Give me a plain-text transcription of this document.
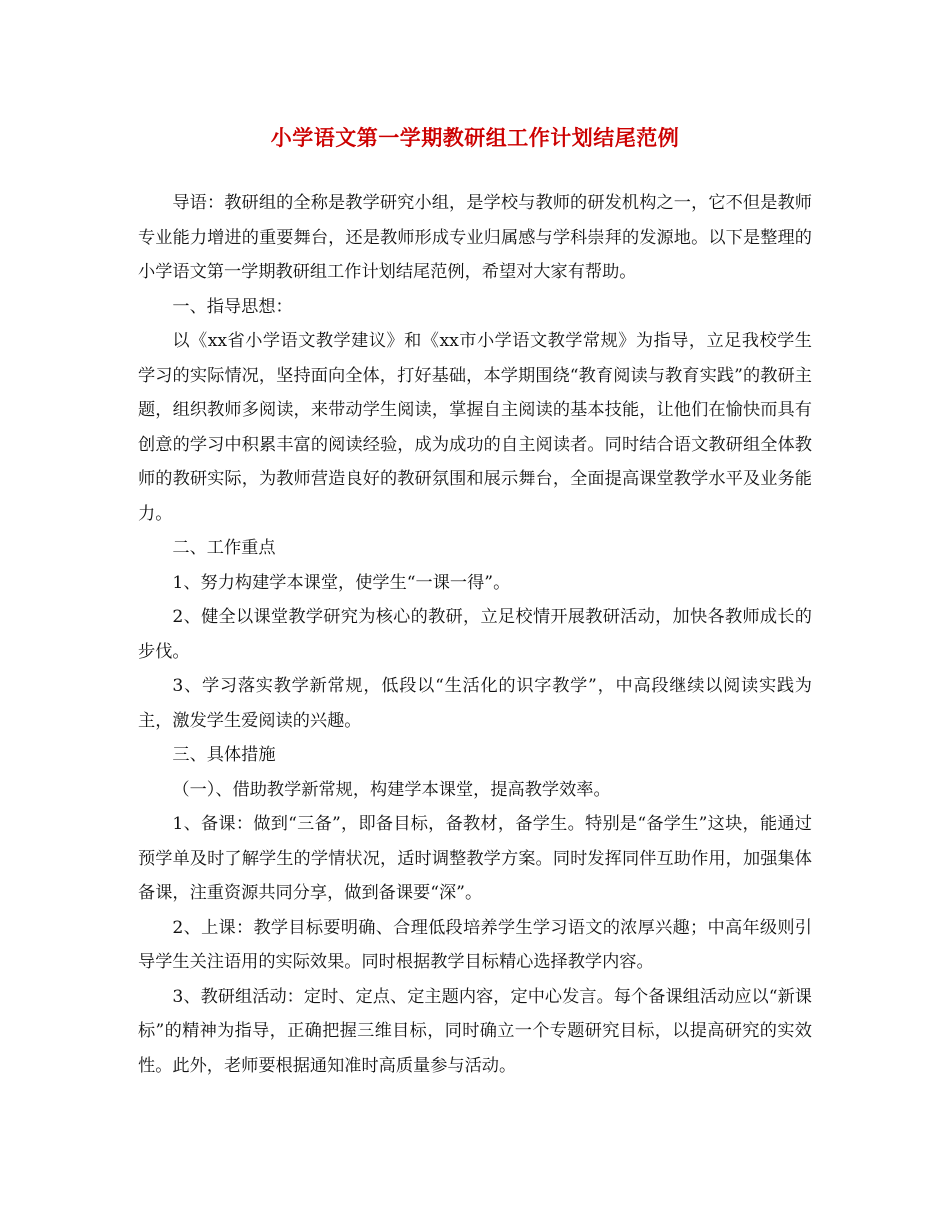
小学语文第一学期教研组工作计划结尾范例

导语：教研组的全称是教学研究小组，是学校与教师的研发机构之一，它不但是教师专业能力增进的重要舞台，还是教师形成专业归属感与学科崇拜的发源地。以下是整理的小学语文第一学期教研组工作计划结尾范例，希望对大家有帮助。

一、指导思想：

以《xx省小学语文教学建议》和《xx市小学语文教学常规》为指导，立足我校学生学习的实际情况，坚持面向全体，打好基础，本学期围绕“教育阅读与教育实践”的教研主题，组织教师多阅读，来带动学生阅读，掌握自主阅读的基本技能，让他们在愉快而具有创意的学习中积累丰富的阅读经验，成为成功的自主阅读者。同时结合语文教研组全体教师的教研实际，为教师营造良好的教研氛围和展示舞台，全面提高课堂教学水平及业务能力。

二、工作重点

1、努力构建学本课堂，使学生“一课一得”。

2、健全以课堂教学研究为核心的教研，立足校情开展教研活动，加快各教师成长的步伐。

3、学习落实教学新常规，低段以“生活化的识字教学”，中高段继续以阅读实践为主，激发学生爱阅读的兴趣。

三、具体措施

（一）、借助教学新常规，构建学本课堂，提高教学效率。

1、备课：做到“三备”，即备目标，备教材，备学生。特别是“备学生”这块，能通过预学单及时了解学生的学情状况，适时调整教学方案。同时发挥同伴互助作用，加强集体备课，注重资源共同分享，做到备课要“深”。

2、上课：教学目标要明确、合理低段培养学生学习语文的浓厚兴趣；中高年级则引导学生关注语用的实际效果。同时根据教学目标精心选择教学内容。

3、教研组活动：定时、定点、定主题内容，定中心发言。每个备课组活动应以“新课标”的精神为指导，正确把握三维目标，同时确立一个专题研究目标，以提高研究的实效性。此外，老师要根据通知准时高质量参与活动。
